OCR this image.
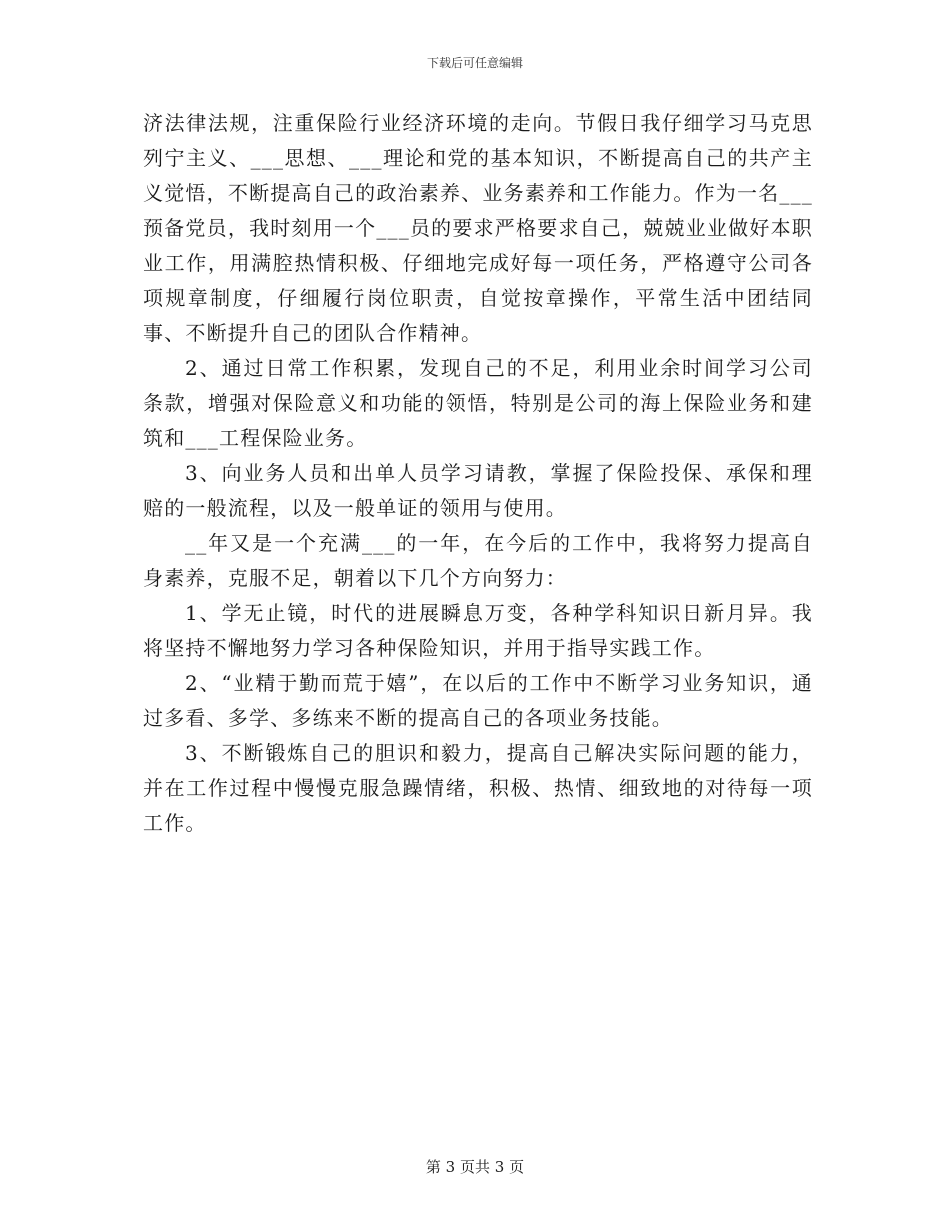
下载后可任意编辑

济法律法规，注重保险行业经济环境的走向。节假日我仔细学习马克思列宁主义、___思想、___理论和党的基本知识，不断提高自己的共产主义觉悟，不断提高自己的政治素养、业务素养和工作能力。作为一名___预备党员，我时刻用一个___员的要求严格要求自己，兢兢业业做好本职业工作，用满腔热情积极、仔细地完成好每一项任务，严格遵守公司各项规章制度，仔细履行岗位职责，自觉按章操作，平常生活中团结同事、不断提升自己的团队合作精神。

2、通过日常工作积累，发现自己的不足，利用业余时间学习公司条款，增强对保险意义和功能的领悟，特别是公司的海上保险业务和建筑和___工程保险业务。

3、向业务人员和出单人员学习请教，掌握了保险投保、承保和理赔的一般流程，以及一般单证的领用与使用。

__年又是一个充满___的一年，在今后的工作中，我将努力提高自身素养，克服不足，朝着以下几个方向努力：

1、学无止镜，时代的进展瞬息万变，各种学科知识日新月异。我将坚持不懈地努力学习各种保险知识，并用于指导实践工作。

2、“业精于勤而荒于嬉”，在以后的工作中不断学习业务知识，通过多看、多学、多练来不断的提高自己的各项业务技能。

3、不断锻炼自己的胆识和毅力，提高自己解决实际问题的能力，并在工作过程中慢慢克服急躁情绪，积极、热情、细致地的对待每一项工作。

第 3 页共 3 页
